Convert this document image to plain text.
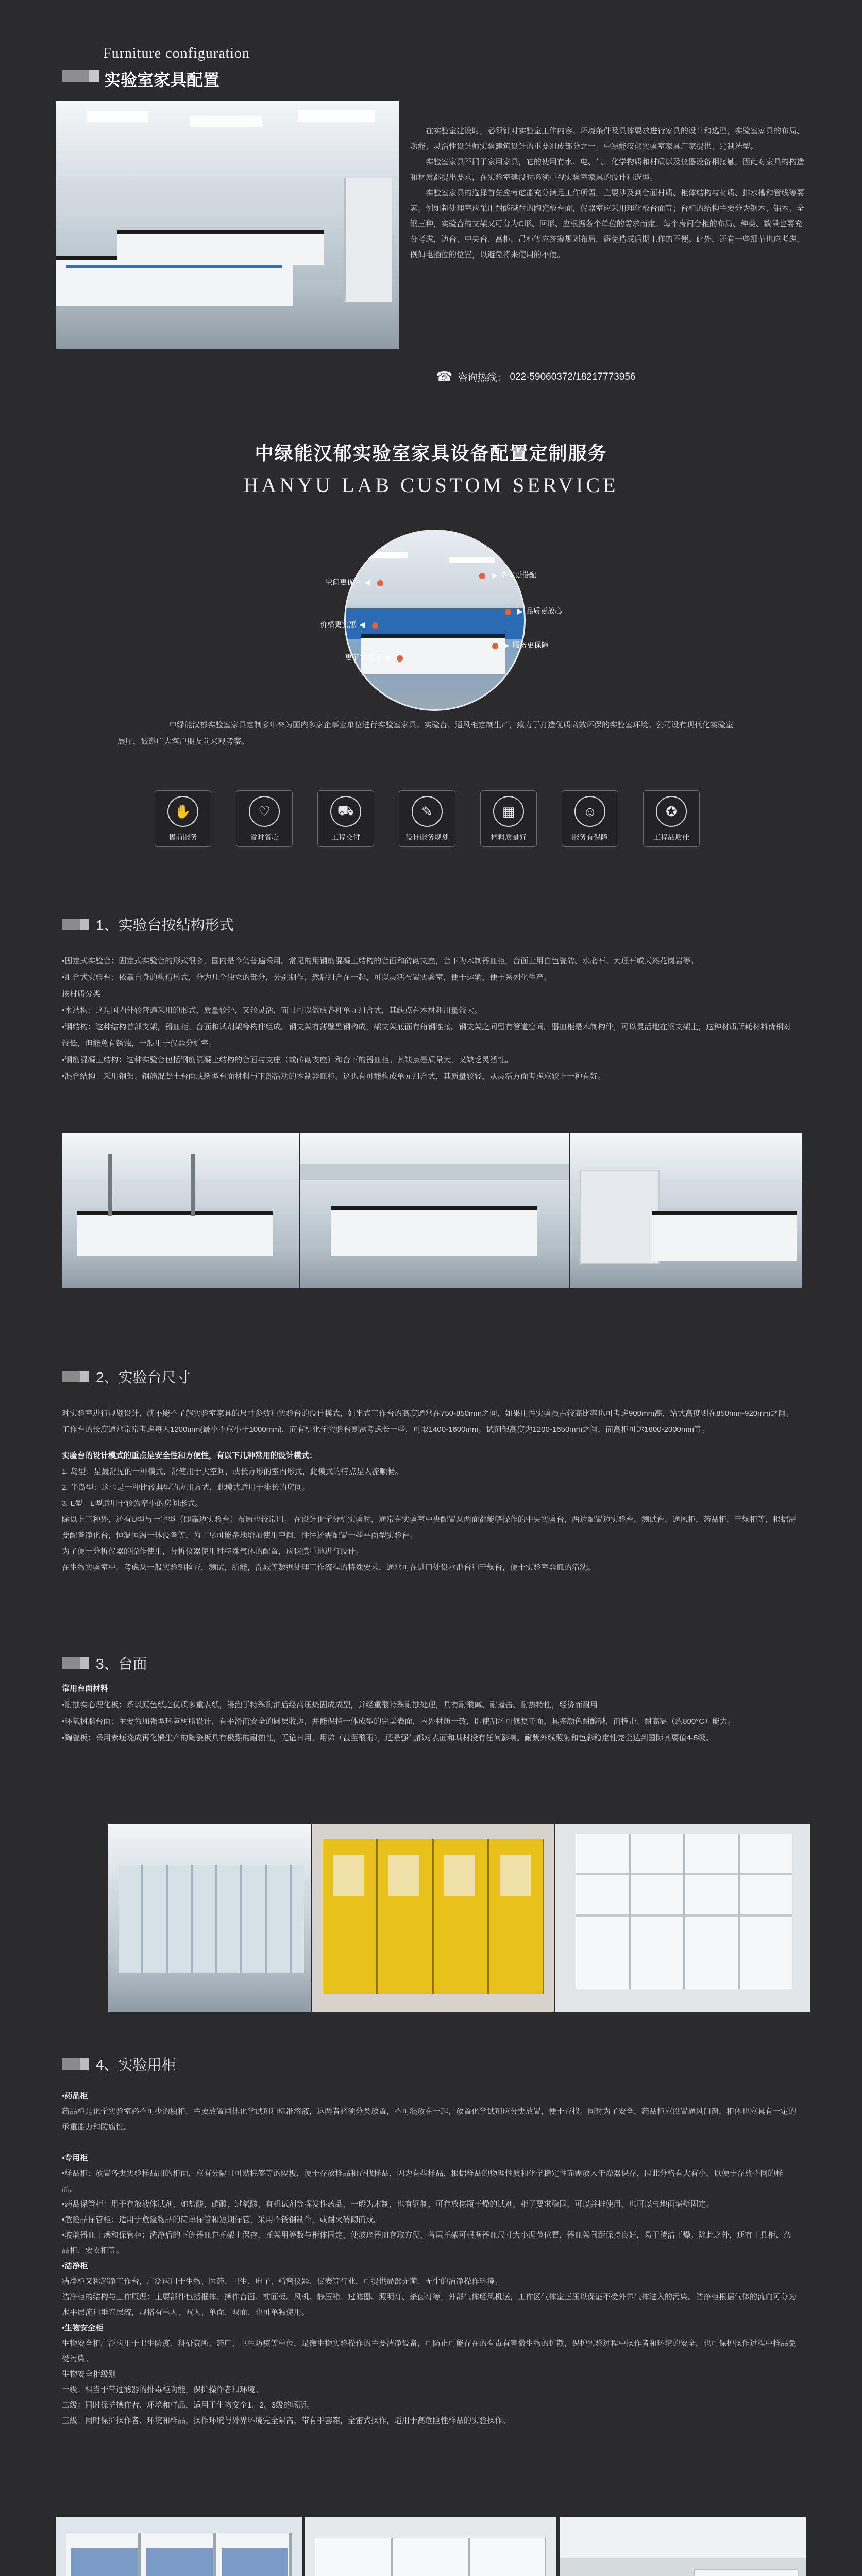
Furniture configuration
实验室家具配置

在实验室建设时，必须针对实验室工作内容、环境条件及具体要求进行家具的设计和选型，实验室家具的布局、功能、灵活性设计师实验建筑设计的重要组成部分之一。中绿能汉郁实验室家具厂家提供、定制选型。

实验室家具不同于家用家具，它的使用有水、电、气、化学物质和材质以及仪器设备相接触，因此对家具的构造和材质都提出要求，在实验室建设时必须重视实验室家具的设计和选型。

实验室家具的选择首先应考虑能充分满足工作所需，主要涉及到台面材质、柜体结构与材质、排水槽和管线等要素。例如超处理室应采用耐酸碱耐的陶瓷板台面，仪器室应采用理化板台面等；台柜的结构主要分为钢木、铝木、全钢三种，实验台的支架又可分为C形、回形、应根据各个单位的需求而定。每个房间台柜的布局、种类、数量也要充分考虑，边台、中央台、高柜，吊柜等应统筹规划布局，避免造成后期工作的不便。此外，还有一些细节也应考虑，例如电插位的位置，以避免将来使用的不便。

☎ 咨询热线： 022-59060372/18217773956
中绿能汉郁实验室家具设备配置定制服务
HANYU LAB CUSTOM SERVICE
空间更优化 ◀
价格更实惠 ◀
更节省时间 ◀
▶ 整体更搭配
▶ 品质更放心
▶ 服务更保障
中绿能汉郁实验室家具定制多年来为国内多家企事业单位进行实验室家具、实验台、通风柜定制生产，致力于打造优质高效环保的实验室环境。公司设有现代化实验室展厅，诚邀广大客户朋友前来观考察。
✋
售前服务
♡
省时省心
⛟
工程交付
✎
设计服务规划
▦
材料质量好
☺
服务有保障
✪
工程品质佳
1、实验台按结构形式

•固定式实验台：固定式实验台的形式很多，国内是今仍普遍采用。常见的用钢筋混凝土结构的台面和砖砌支座，台下为木制器皿柜，台面上用白色瓷砖、水磨石、大理石或天然花岗岩等。

•组合式实验台：依靠自身的构造形式，分为几个独立的部分，分别制作，然后组合在一起，可以灵活布置实验室，便于运输，便于系列化生产。

按材质分类

•木结构：这是国内外较普遍采用的形式，质量较轻，又较灵活，而且可以做成各种单元组合式，其缺点在木材耗用量较大。

•钢结构：这种结构首部支架，器皿柜、台面和试剂架等构件组成。钢支架有薄壁型钢构成，架支架底面有角钢连接。钢支架之间留有管道空间。器皿柜是木制构件，可以灵活地在钢支架上，这种材质所耗材料费相对较低，但能免有锈蚀，一般用于仪器分析室。

•钢筋混凝土结构：这种实验台包括钢筋混凝土结构的台面与支座（或砖砌支座）和台下的器皿柜。其缺点是质量大，又缺乏灵活性。

•混合结构：采用钢架、钢筋混凝土台面或新型台面材料与下部活动的木制器皿柜。这也有可能构成单元组合式，其质量较轻，从灵活方面考虑应较上一种有好。

2、实验台尺寸

对实验室进行规划设计，就不能不了解实验室家具的尺寸参数和实验台的设计模式，如坐式工作台的高度通常在750-850mm之间，如果用性实验员占较高比率也可考虑900mm高，站式高度则在850mm-920mm之间。工作台的长度通常常常考虑每人1200mm(最小不应小于1000mm)，而有机化学实验台则需考虑长一些，可取1400-1600mm。试剂架高度为1200-1650mm之间，而高柜可达1800-2000mm等。

实验台的设计模式的重点是安全性和方便性，有以下几种常用的设计模式：

1. 岛型：是最常见的一种模式，常使用于大空间，或长方形的室内形式，此模式的特点是人流顺畅。

2. 半岛型：这也是一种比较典型的应用方式，此模式适用于排长的房间。

3. L型：L型适用于较为窄小的房间形式。

除以上三种外，还有U型与一字型（即靠边实验台）布局也较常用。 在设计化学分析实验时，通常在实验室中央配置从两面都能够操作的中央实验台，两边配置边实验台，测试台，通风柜，药品柜，干燥柜等，根据需要配备净化台，恒温恒温一体设备等，为了尽可能多地增加使用空间，往往还需配置一些平面型实验台。

为了便于分析仪器的操作使用，分析仪器使用时特殊气体的配置，应该慎重地进行设计。

在生物实验室中，考虑从一般实验到检查，测试，所能，洗城等数据处理工作流程的特殊要求，通常可在进口处设水池台和干燥台，便于实验室器皿的清洗。

3、台面

常用台面材料

•耐蚀实心理化板：系以原色纸之优质多重表纸，浸泡于特殊耐油后经高压烧固成成型，并经重酸特殊耐蚀处理，具有耐酸碱、耐撞击、耐热特性，经济而耐用

•环氧树脂台面：主要为加强型环氧树脂设计，有平滑而安全的圆层收边，并能保持一体成型的完美表面，内外材质一致，即使刮坏可修复正面，具多颜色耐酸碱，而撞击、耐高温（约800°C）能力。

•陶瓷板：采用素坯烧成再化锻生产的陶瓷板具有极强的耐蚀性，无论日用，用弟（甚至酸雨），还是强气都对表面和基材没有任何影响。耐紫外线照射和色彩稳定性完全达到国际其要值4-5级。

4、实验用柜

•药品柜

药品柜是化学实验室必不可少的橱柜，主要放置固体化学试剂和标准溶液，这两者必须分类放置，不可混放在一起，放置化学试剂应分类放置，便于查找。同时为了安全，药品柜应设置通风门窗，柜体也应具有一定的承重能力和防腐性。

•专用柜

•样品柜：放置各类实验样品用的柜面，应有分隔且可贴标签等的隔板，便于存放样品和查找样品，因为有些样品，根据样品的物理性质和化学稳定性而需放入干燥器保存，因此分格有大有小，以便于存放不同的样品。

•药品保管柜：用于存放液体试剂，如盐酸、硝酸、过氧酸，有机试剂等挥发性药品，一般为木制，也有钢制，可存放棕瓶干燥的试剂，柜子要求稳固，可以并排使用，也可以与地面墙壁固定。

•危险品保管柜：适用于危险物品的简单保管和短期保管，采用不锈钢制作，或耐火砖砌而成。

•玻璃器皿干燥和保管柜：洗净后的下班器皿在托架上保存，托架用等数与柜体固定，使玻璃器皿存取方便，各层托架可根据器皿尺寸大小调节位置，器皿架间距保持良好，易于清洁干燥。除此之外，还有工具柜、杂品柜、要衣柜等。

•洁净柜

洁净柜又称超净工作台，广泛应用于生物、医药、卫生、电子、精密仪器、仪表等行业，可提供局部无菌、无尘的洁净操作环境。

洁净柜的结构与工作原理：主要部件包括框体、操作台面、前面板、风机、静压箱、过滤器、照明灯、杀菌灯等，外部气体经风机送，工作区气体室正压以保证不受外界气体进入的污染。洁净柜根据气体的流向可分为水平层流和垂直层流，规格有单人、双人、单面、双面、也可单独使用。

•生物安全柜

生物安全柜广泛应用于卫生防疫、科研院所、药厂、卫生防疫等单位，是微生物实验操作的主要洁净设备，可防止可能存在的有毒有害微生物的扩散，保护实验过程中操作者和环境的安全，也可保护操作过程中样品免受污染。

生物安全柜级别

一级：相当于带过滤器的排毒柜功能，保护操作者和环境。

二级：同时保护操作者、环境和样品，适用于生物安全1、2、3级的场所。

三级：同时保护操作者、环境和样品，操作环境与外界环境完全隔离，带有手套箱，全密式操作，适用于高危险性样品的实验操作。
